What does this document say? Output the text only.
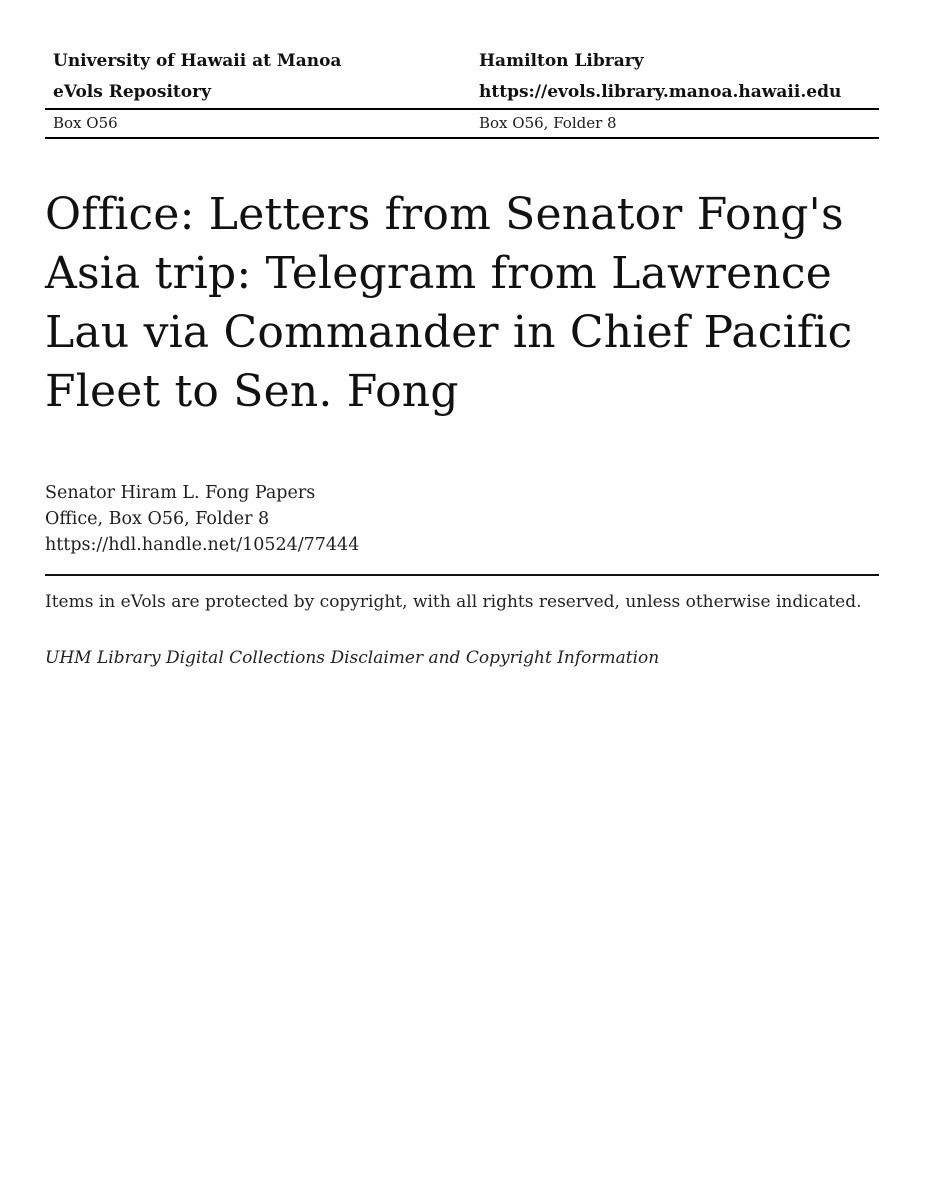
University of Hawaii at Manoa
eVols Repository
Hamilton Library
https://evols.library.manoa.hawaii.edu
Box O56	Box O56, Folder 8
Office: Letters from Senator Fong's
Asia trip: Telegram from Lawrence
Lau via Commander in Chief Pacific
Fleet to Sen. Fong
Senator Hiram L. Fong Papers
Office, Box O56, Folder 8
https://hdl.handle.net/10524/77444

Items in eVols are protected by copyright, with all rights reserved, unless otherwise indicated.

UHM Library Digital Collections Disclaimer and Copyright Information
